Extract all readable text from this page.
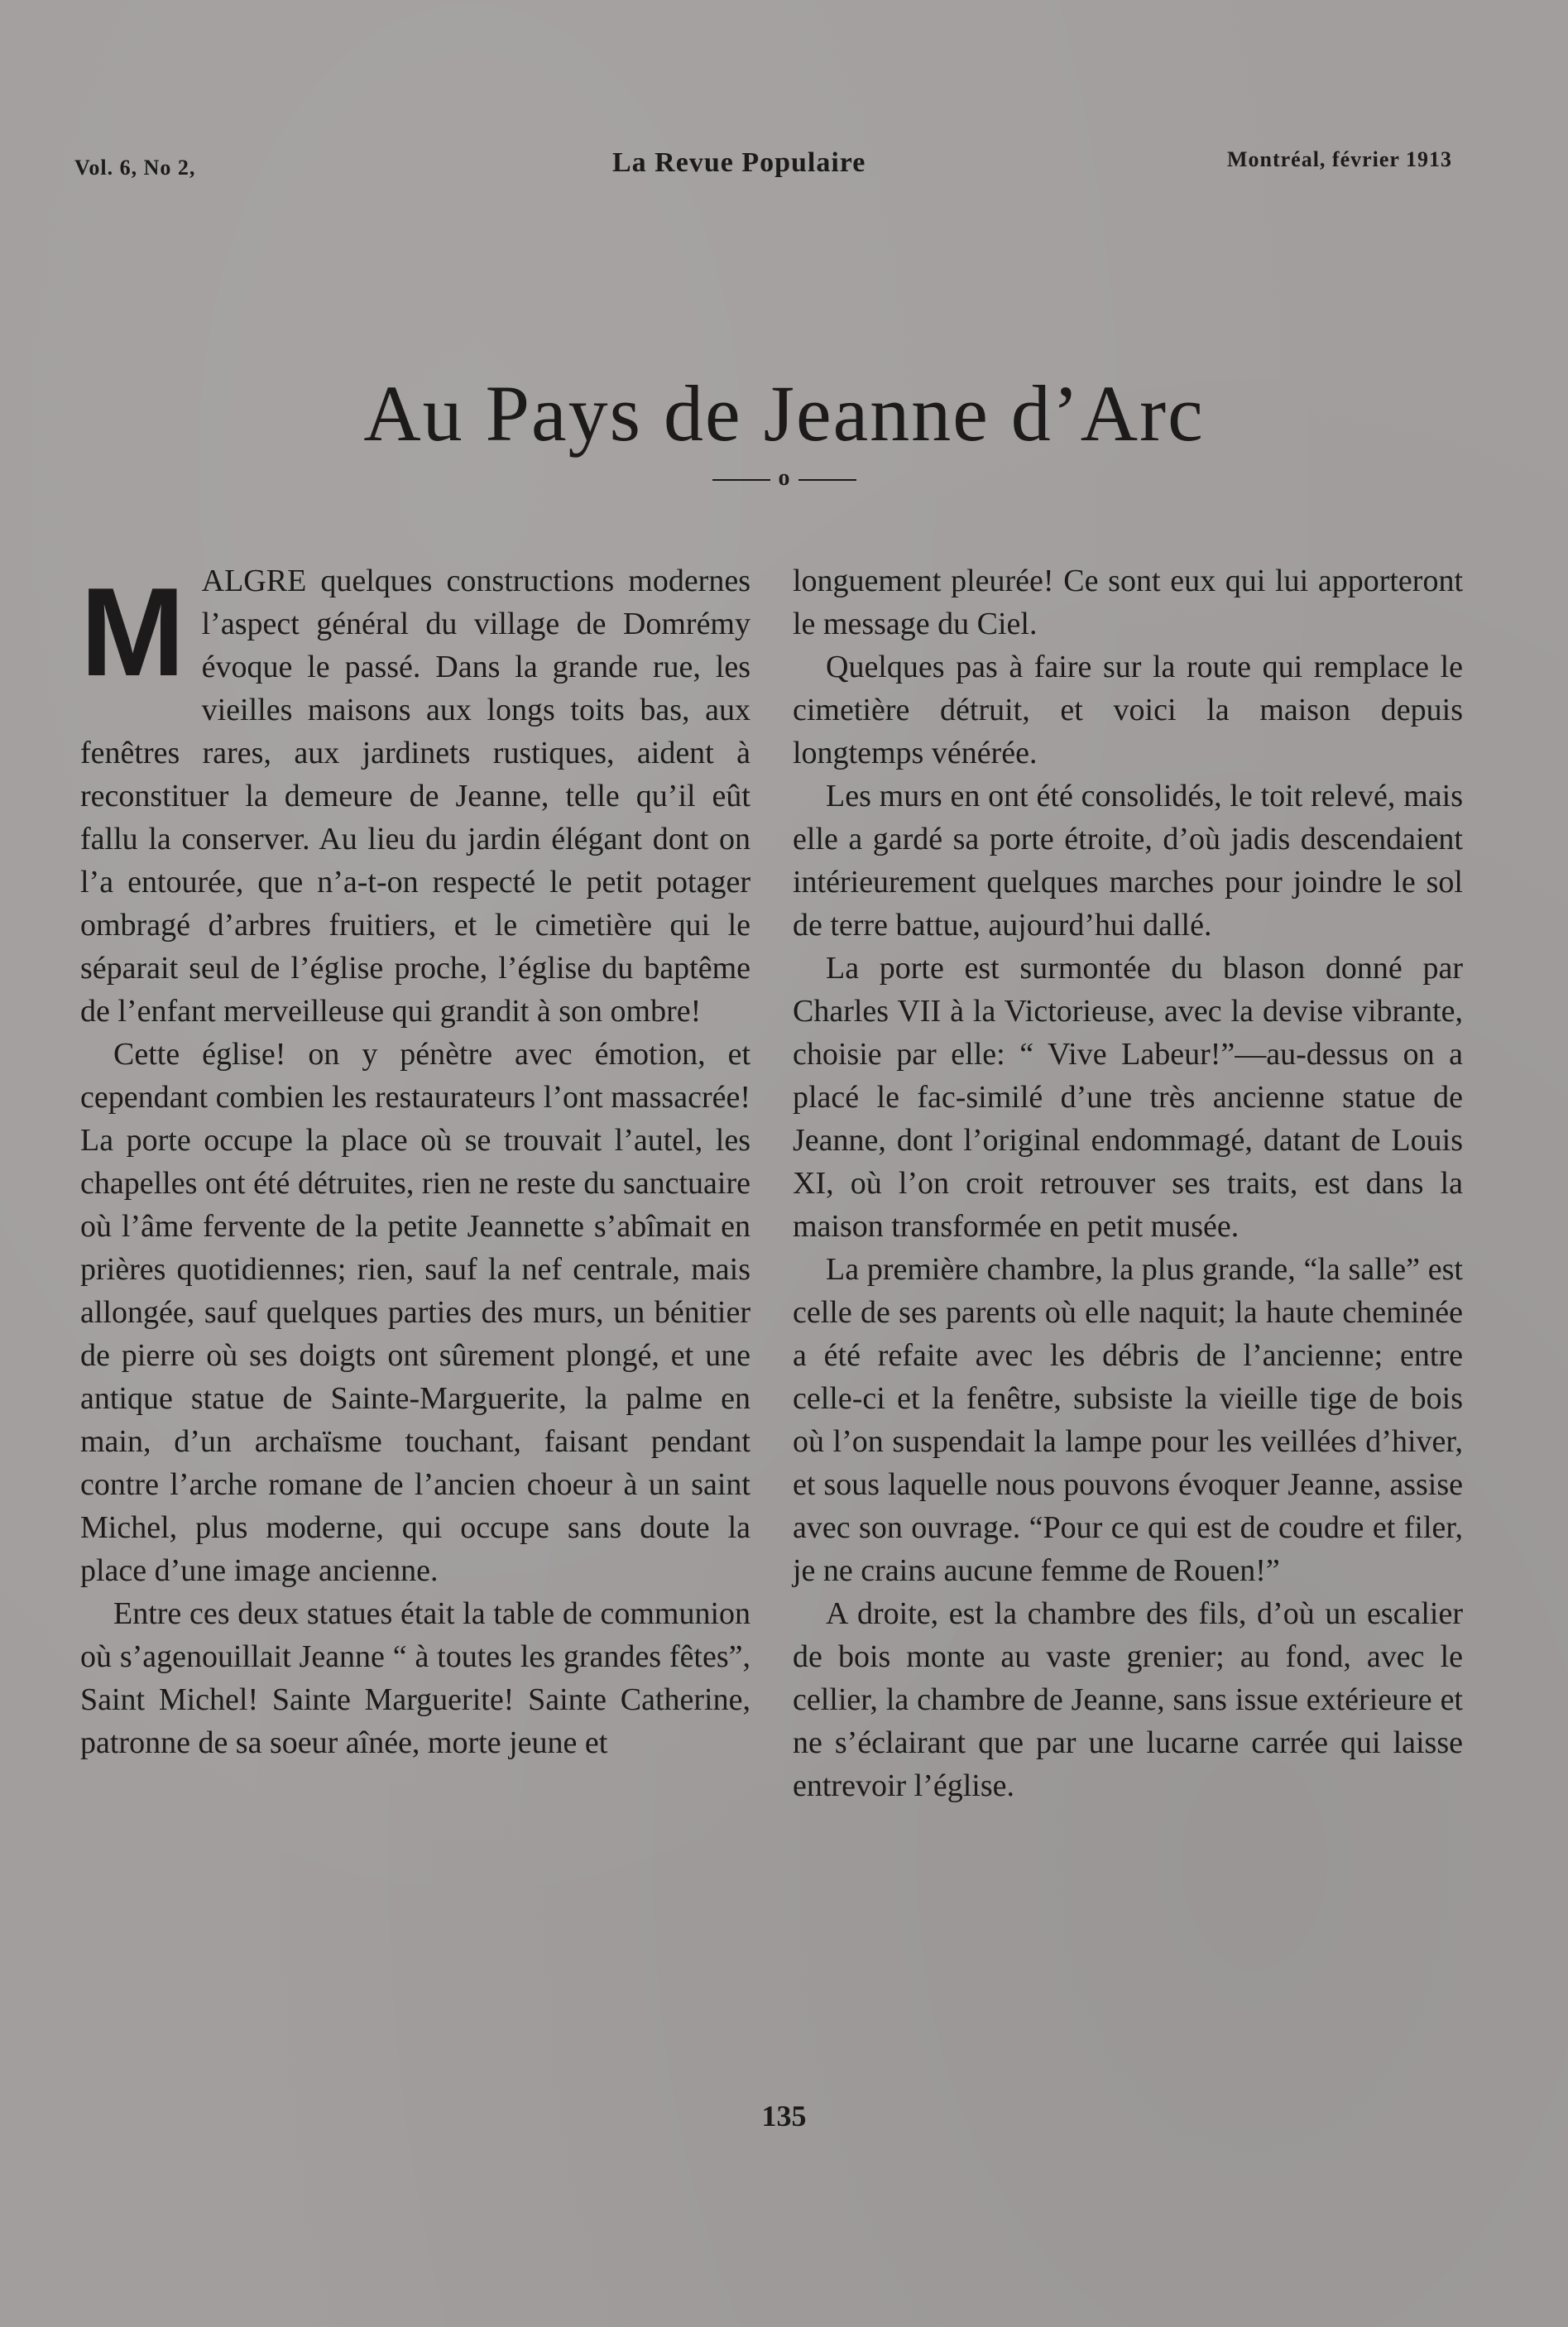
Vol. 6, No 2,	La Revue Populaire	Montréal, février 1913
Au Pays de Jeanne d’Arc
o

MALGRE quelques constructions modernes l’aspect général du village de Domrémy évoque le passé. Dans la grande rue, les vieilles maisons aux longs toits bas, aux fenêtres rares, aux jardinets rustiques, aident à reconstituer la demeure de Jeanne, telle qu’il eût fallu la conserver. Au lieu du jardin élégant dont on l’a entourée, que n’a-t-on respecté le petit potager ombragé d’arbres fruitiers, et le cimetière qui le séparait seul de l’église proche, l’église du baptême de l’enfant merveilleuse qui grandit à son ombre!

Cette église! on y pénètre avec émotion, et cependant combien les restaurateurs l’ont massacrée! La porte occupe la place où se trouvait l’autel, les chapelles ont été détruites, rien ne reste du sanctuaire où l’âme fervente de la petite Jeannette s’abîmait en prières quotidiennes; rien, sauf la nef centrale, mais allongée, sauf quelques parties des murs, un bénitier de pierre où ses doigts ont sûrement plongé, et une antique statue de Sainte-Marguerite, la palme en main, d’un archaïsme touchant, faisant pendant contre l’arche romane de l’ancien choeur à un saint Michel, plus moderne, qui occupe sans doute la place d’une image ancienne.

Entre ces deux statues était la table de communion où s’agenouillait Jeanne “ à toutes les grandes fêtes”, Saint Michel! Sainte Marguerite! Sainte Catherine, patronne de sa soeur aînée, morte jeune et

longuement pleurée! Ce sont eux qui lui apporteront le message du Ciel.

Quelques pas à faire sur la route qui remplace le cimetière détruit, et voici la maison depuis longtemps vénérée.

Les murs en ont été consolidés, le toit relevé, mais elle a gardé sa porte étroite, d’où jadis descendaient intérieurement quelques marches pour joindre le sol de terre battue, aujourd’hui dallé.

La porte est surmontée du blason donné par Charles VII à la Victorieuse, avec la devise vibrante, choisie par elle: “ Vive Labeur!”—au-dessus on a placé le fac-similé d’une très ancienne statue de Jeanne, dont l’original endommagé, datant de Louis XI, où l’on croit retrouver ses traits, est dans la maison transformée en petit musée.

La première chambre, la plus grande, “la salle” est celle de ses parents où elle naquit; la haute cheminée a été refaite avec les débris de l’ancienne; entre celle-ci et la fenêtre, subsiste la vieille tige de bois où l’on suspendait la lampe pour les veillées d’hiver, et sous laquelle nous pouvons évoquer Jeanne, assise avec son ouvrage. “Pour ce qui est de coudre et filer, je ne crains aucune femme de Rouen!”

A droite, est la chambre des fils, d’où un escalier de bois monte au vaste grenier; au fond, avec le cellier, la chambre de Jeanne, sans issue extérieure et ne s’éclairant que par une lucarne carrée qui laisse entrevoir l’église.

135
